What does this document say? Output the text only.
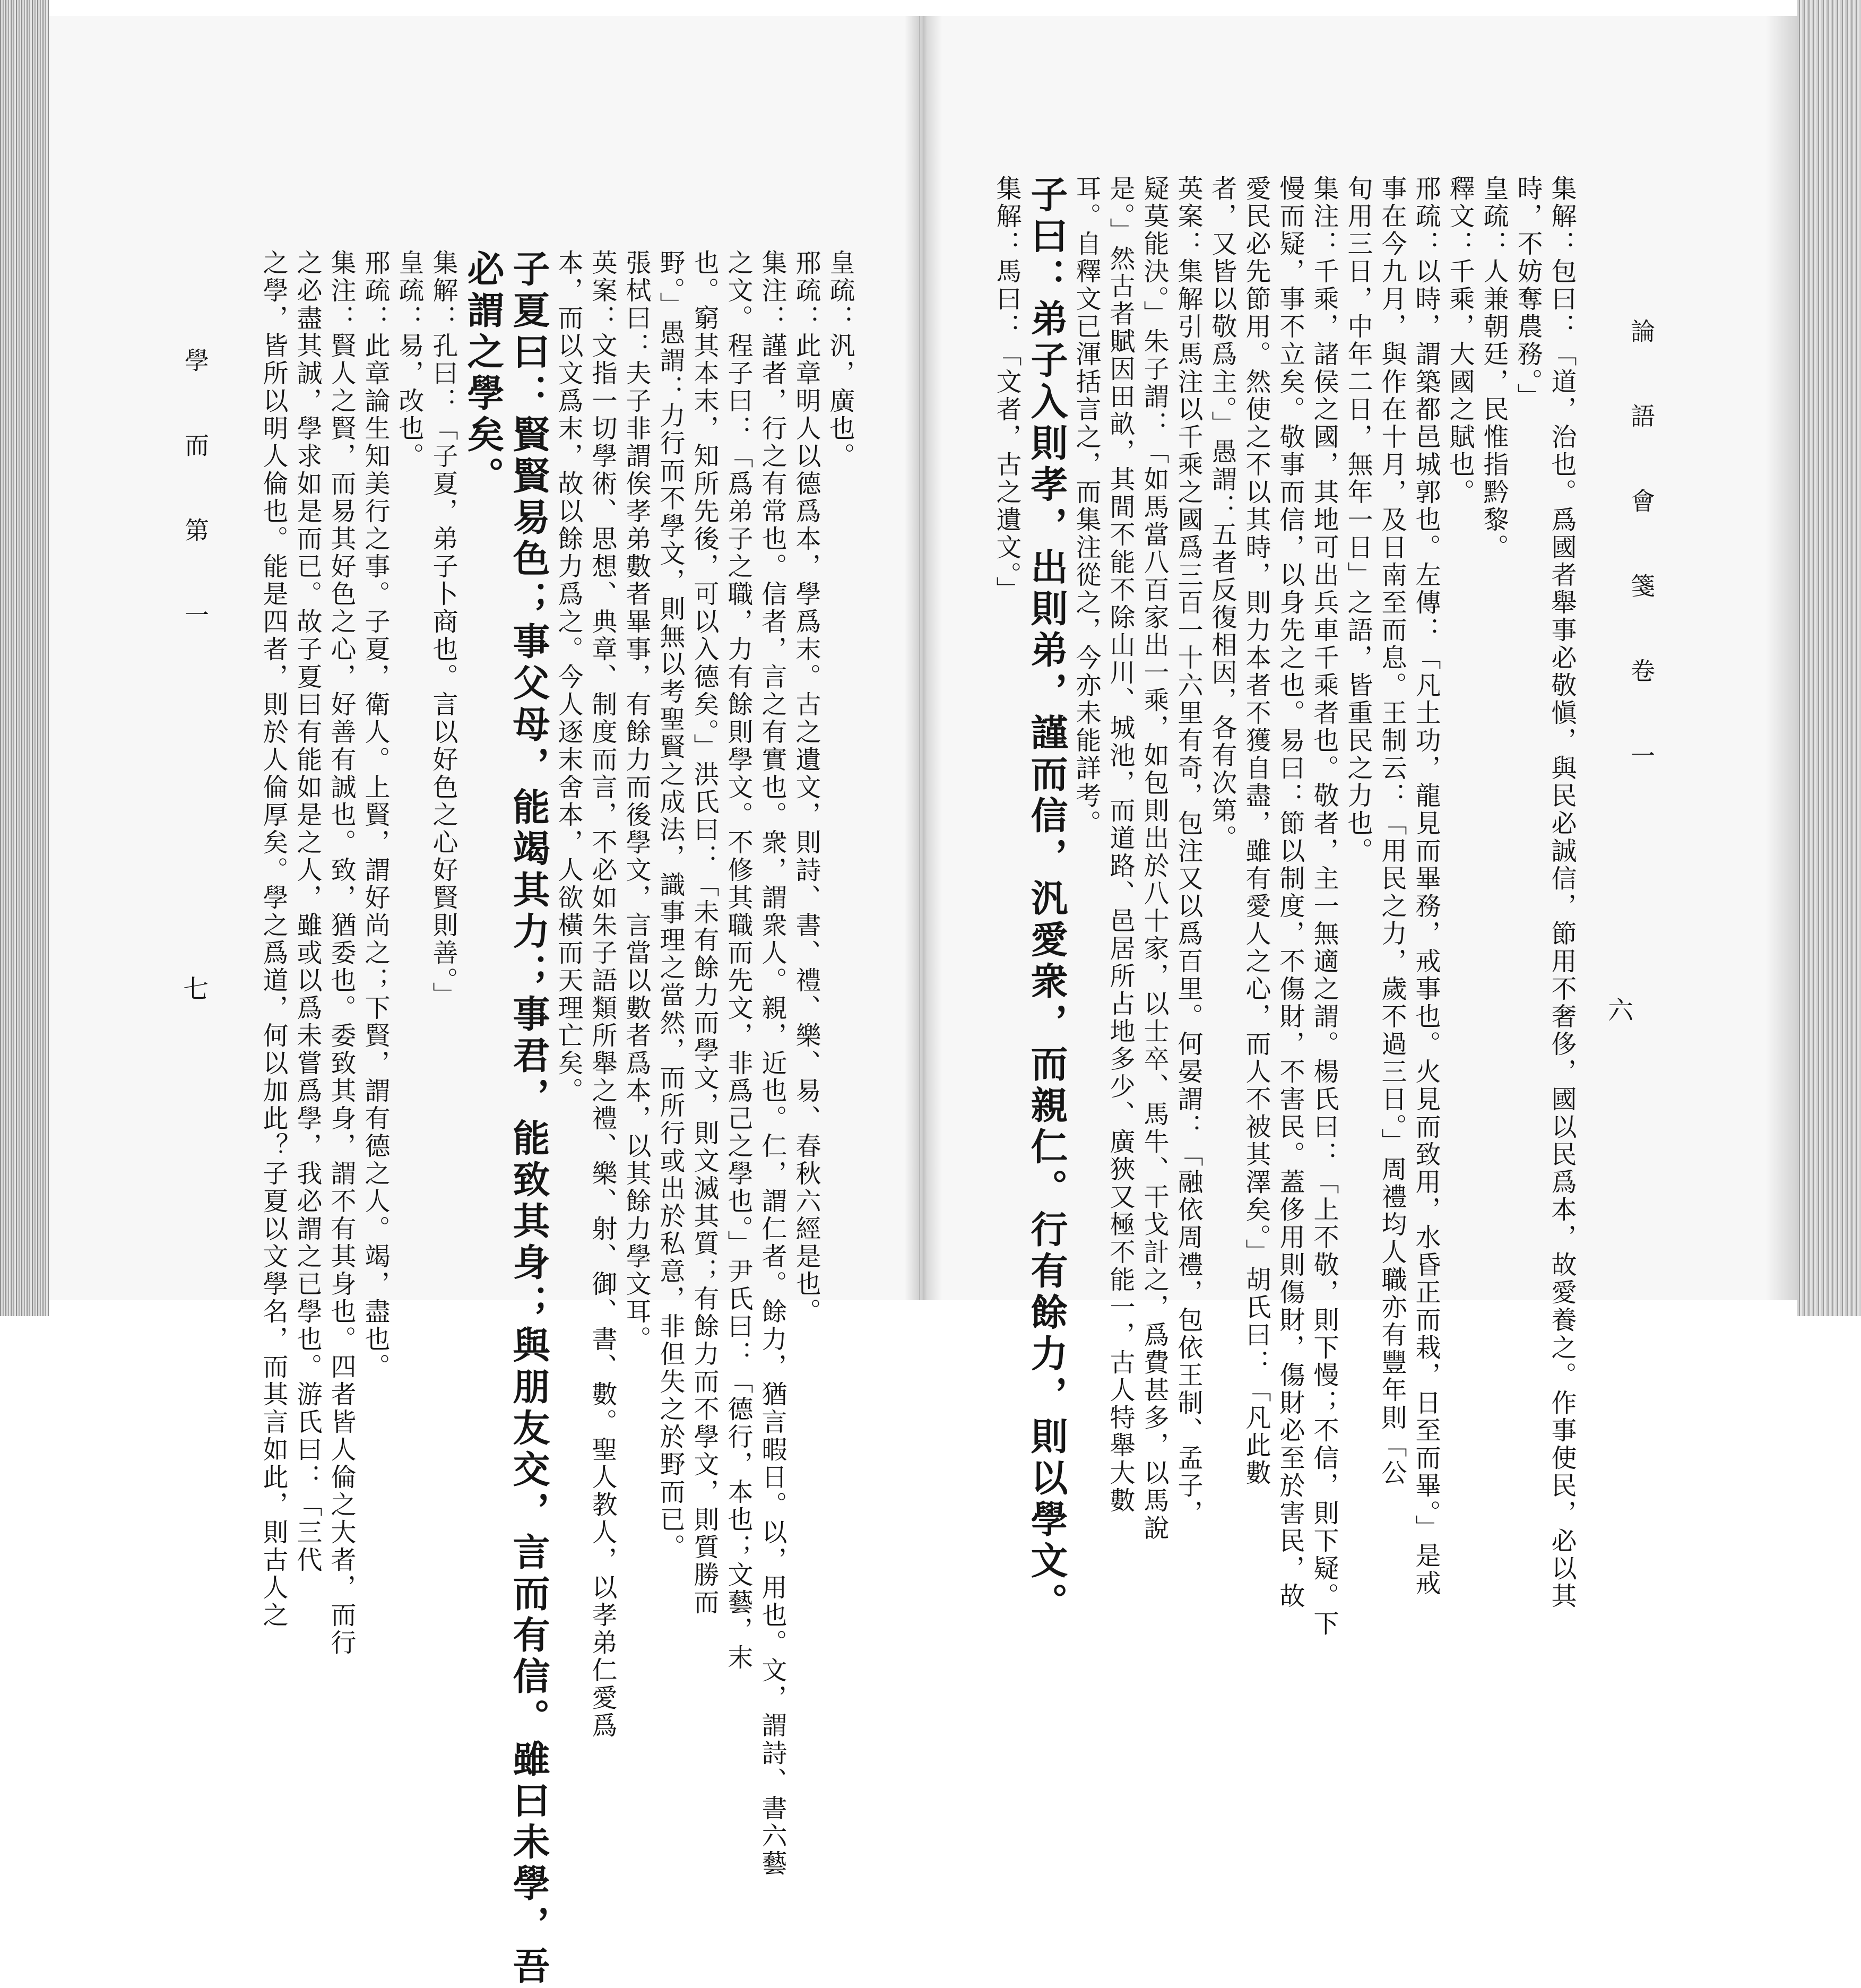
論 語 會 箋 卷 一
六
集解：包曰：「道，治也。爲國者舉事必敬愼，與民必誠信，節用不奢侈，國以民爲本，故愛養之。作事使民，必以其
時，不妨奪農務。」
皇疏：人兼朝廷，民惟指黔黎。
釋文：千乘，大國之賦也。
邢疏：以時，謂築都邑城郭也。左傳：「凡土功，龍見而畢務，戒事也。火見而致用，水昏正而栽，日至而畢。」是戒
事在今九月，與作在十月，及日南至而息。王制云：「用民之力，歲不過三日。」周禮均人職亦有豐年則「公
旬用三日，中年二日，無年一日」之語，皆重民之力也。
集注：千乘，諸侯之國，其地可出兵車千乘者也。敬者，主一無適之謂。楊氏曰：「上不敬，則下慢；不信，則下疑。下
慢而疑，事不立矣。敬事而信，以身先之也。易曰：節以制度，不傷財，不害民。蓋侈用則傷財，傷財必至於害民，故
愛民必先節用。然使之不以其時，則力本者不獲自盡，雖有愛人之心，而人不被其澤矣。」胡氏曰：「凡此數
者，又皆以敬爲主。」愚謂：五者反復相因，各有次第。
英案：集解引馬注以千乘之國爲三百一十六里有奇，包注又以爲百里。何晏謂：「融依周禮，包依王制、孟子，
疑莫能決。」朱子謂：「如馬當八百家出一乘，如包則出於八十家，以士卒、馬牛、干戈計之，爲費甚多，以馬說
是。」然古者賦因田畝，其間不能不除山川、城池，而道路、邑居所占地多少、廣狹又極不能一，古人特舉大數
耳。自釋文已渾括言之，而集注從之，今亦未能詳考。
子曰：弟子入則孝，出則弟，謹而信，汎愛衆，而親仁。行有餘力，則以學文。
集解：馬曰：「文者，古之遺文。」
學 而 第 一
七
皇疏：汎，廣也。
邢疏：此章明人以德爲本，學爲末。古之遺文，則詩、書、禮、樂、易、春秋六經是也。
集注：謹者，行之有常也。信者，言之有實也。衆，謂衆人。親，近也。仁，謂仁者。餘力，猶言暇日。以，用也。文，謂詩、書六藝
之文。程子曰：「爲弟子之職，力有餘則學文。不修其職而先文，非爲己之學也。」尹氏曰：「德行，本也；文藝，末
也。窮其本末，知所先後，可以入德矣。」洪氏曰：「未有餘力而學文，則文滅其質；有餘力而不學文，則質勝而
野。」愚謂：力行而不學文，則無以考聖賢之成法，識事理之當然，而所行或出於私意，非但失之於野而已。
張栻曰：夫子非謂俟孝弟數者畢事，有餘力而後學文，言當以數者爲本，以其餘力學文耳。
英案：文指一切學術、思想、典章、制度而言，不必如朱子語類所舉之禮、樂、射、御、書、數。聖人教人，以孝弟仁愛爲
本，而以文爲末，故以餘力爲之。今人逐末舍本，人欲橫而天理亡矣。
子夏曰：賢賢易色；事父母，能竭其力；事君，能致其身；與朋友交，言而有信。雖曰未學，吾
必謂之學矣。
集解：孔曰：「子夏，弟子卜商也。言以好色之心好賢則善。」
皇疏：易，改也。
邢疏：此章論生知美行之事。子夏，衛人。上賢，謂好尚之；下賢，謂有德之人。竭，盡也。
集注：賢人之賢，而易其好色之心，好善有誠也。致，猶委也。委致其身，謂不有其身也。四者皆人倫之大者，而行
之必盡其誠，學求如是而已。故子夏曰有能如是之人，雖或以爲未嘗爲學，我必謂之已學也。游氏曰：「三代
之學，皆所以明人倫也。能是四者，則於人倫厚矣。學之爲道，何以加此？子夏以文學名，而其言如此，則古人之
